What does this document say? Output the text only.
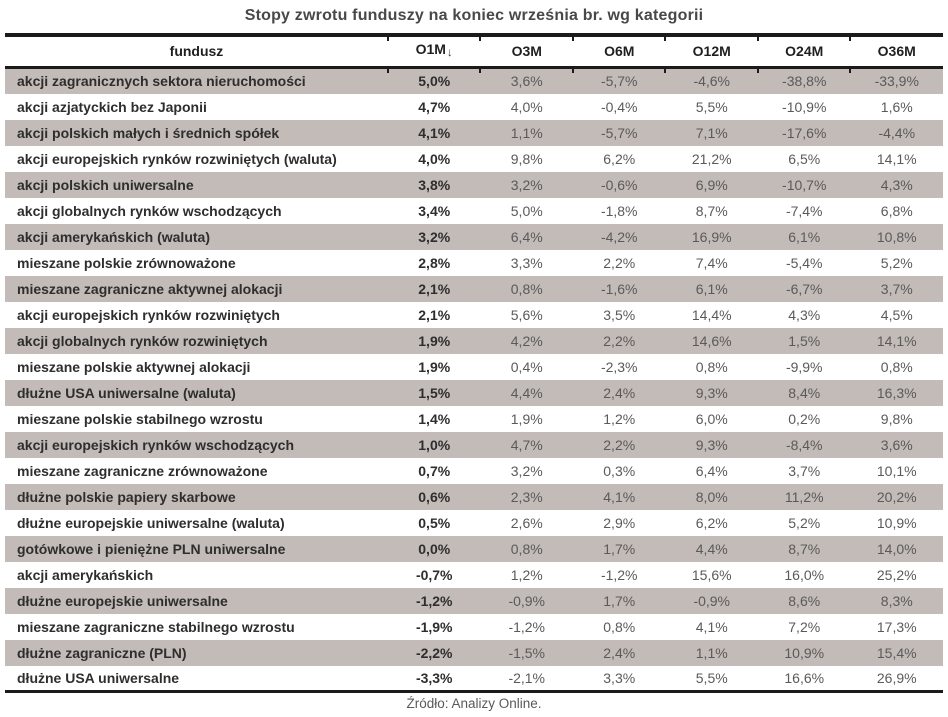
Stopy zwrotu funduszy na koniec września br. wg kategorii
fundusz	O1M↓	O3M	O6M	O12M	O24M	O36M
akcji zagranicznych sektora nieruchomości	5,0%	3,6%	-5,7%	-4,6%	-38,8%	-33,9%
akcji azjatyckich bez Japonii	4,7%	4,0%	-0,4%	5,5%	-10,9%	1,6%
akcji polskich małych i średnich spółek	4,1%	1,1%	-5,7%	7,1%	-17,6%	-4,4%
akcji europejskich rynków rozwiniętych (waluta)	4,0%	9,8%	6,2%	21,2%	6,5%	14,1%
akcji polskich uniwersalne	3,8%	3,2%	-0,6%	6,9%	-10,7%	4,3%
akcji globalnych rynków wschodzących	3,4%	5,0%	-1,8%	8,7%	-7,4%	6,8%
akcji amerykańskich (waluta)	3,2%	6,4%	-4,2%	16,9%	6,1%	10,8%
mieszane polskie zrównoważone	2,8%	3,3%	2,2%	7,4%	-5,4%	5,2%
mieszane zagraniczne aktywnej alokacji	2,1%	0,8%	-1,6%	6,1%	-6,7%	3,7%
akcji europejskich rynków rozwiniętych	2,1%	5,6%	3,5%	14,4%	4,3%	4,5%
akcji globalnych rynków rozwiniętych	1,9%	4,2%	2,2%	14,6%	1,5%	14,1%
mieszane polskie aktywnej alokacji	1,9%	0,4%	-2,3%	0,8%	-9,9%	0,8%
dłużne USA uniwersalne (waluta)	1,5%	4,4%	2,4%	9,3%	8,4%	16,3%
mieszane polskie stabilnego wzrostu	1,4%	1,9%	1,2%	6,0%	0,2%	9,8%
akcji europejskich rynków wschodzących	1,0%	4,7%	2,2%	9,3%	-8,4%	3,6%
mieszane zagraniczne zrównoważone	0,7%	3,2%	0,3%	6,4%	3,7%	10,1%
dłużne polskie papiery skarbowe	0,6%	2,3%	4,1%	8,0%	11,2%	20,2%
dłużne europejskie uniwersalne (waluta)	0,5%	2,6%	2,9%	6,2%	5,2%	10,9%
gotówkowe i pieniężne PLN uniwersalne	0,0%	0,8%	1,7%	4,4%	8,7%	14,0%
akcji amerykańskich	-0,7%	1,2%	-1,2%	15,6%	16,0%	25,2%
dłużne europejskie uniwersalne	-1,2%	-0,9%	1,7%	-0,9%	8,6%	8,3%
mieszane zagraniczne stabilnego wzrostu	-1,9%	-1,2%	0,8%	4,1%	7,2%	17,3%
dłużne zagraniczne (PLN)	-2,2%	-1,5%	2,4%	1,1%	10,9%	15,4%
dłużne USA uniwersalne	-3,3%	-2,1%	3,3%	5,5%	16,6%	26,9%
Źródło: Analizy Online.
